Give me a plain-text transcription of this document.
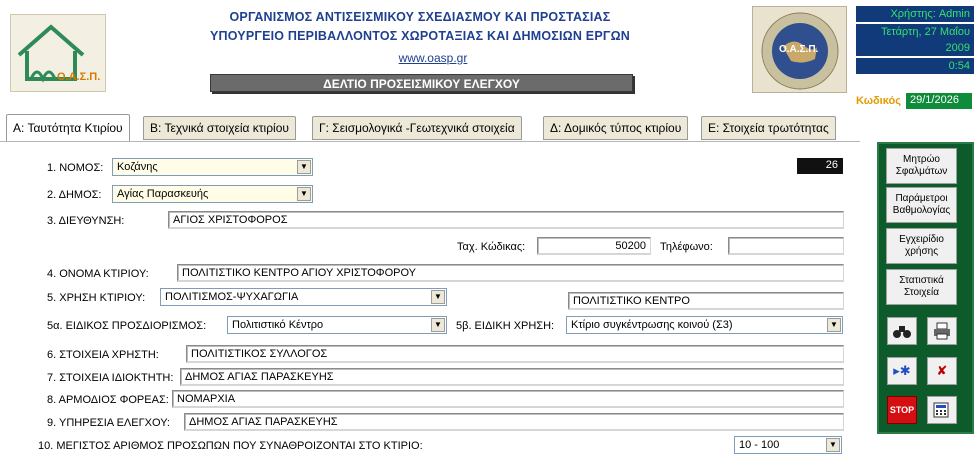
Ο.Α.Σ.Π.
ΟΡΓΑΝΙΣΜΟΣ ΑΝΤΙΣΕΙΣΜΙΚΟΥ ΣΧΕΔΙΑΣΜΟΥ ΚΑΙ ΠΡΟΣΤΑΣΙΑΣ
ΥΠΟΥΡΓΕΙΟ ΠΕΡΙΒΑΛΛΟΝΤΟΣ ΧΩΡΟΤΑΞΙΑΣ ΚΑΙ ΔΗΜΟΣΙΩΝ ΕΡΓΩΝ
www.oasp.gr
ΔΕΛΤΙΟ ΠΡΟΣΕΙΣΜΙΚΟΥ ΕΛΕΓΧΟΥ
Ο.Α.Σ.Π.
Χρήστης: Admin
Τετάρτη, 27 Μαΐου
2009
0:54
Κωδικός 29/1/2026
Α: Ταυτότητα Κτιρίου	Β: Τεχνικά στοιχεία κτιρίου	Γ: Σεισμολογικά -Γεωτεχνικά στοιχεία	Δ: Δομικός τύπος κτιρίου	Ε: Στοιχεία τρωτότητας
1. ΝΟΜΟΣ:	Κοζάνης	▼	26
2. ΔΗΜΟΣ:	Αγίας Παρασκευής	▼
3. ΔΙΕΥΘΥΝΣΗ:	ΑΓΙΟΣ ΧΡΙΣΤΟΦΟΡΟΣ
Ταχ. Κώδικας:	50200	Τηλέφωνο:
4. ΟΝΟΜΑ ΚΤΙΡΙΟΥ:	ΠΟΛΙΤΙΣΤΙΚΟ ΚΕΝΤΡΟ ΑΓΙΟΥ ΧΡΙΣΤΟΦΟΡΟΥ
5. ΧΡΗΣΗ ΚΤΙΡΙΟΥ:	ΠΟΛΙΤΙΣΜΟΣ-ΨΥΧΑΓΩΓΙΑ	▼	ΠΟΛΙΤΙΣΤΙΚΟ ΚΕΝΤΡΟ
5α. ΕΙΔΙΚΟΣ ΠΡΟΣΔΙΟΡΙΣΜΟΣ:	Πολιτιστικό Κέντρο	▼ 5β. ΕΙΔΙΚΗ ΧΡΗΣΗ:	Κτίριο συγκέντρωσης κοινού (Σ3)	▼
6. ΣΤΟΙΧΕΙΑ ΧΡΗΣΤΗ:	ΠΟΛΙΤΙΣΤΙΚΟΣ ΣΥΛΛΟΓΟΣ
7. ΣΤΟΙΧΕΙΑ ΙΔΙΟΚΤΗΤΗ:	ΔΗΜΟΣ ΑΓΙΑΣ ΠΑΡΑΣΚΕΥΗΣ
8. ΑΡΜΟΔΙΟΣ ΦΟΡΕΑΣ: ΝΟΜΑΡΧΙΑ
9. ΥΠΗΡΕΣΙΑ ΕΛΕΓΧΟΥ:	ΔΗΜΟΣ ΑΓΙΑΣ ΠΑΡΑΣΚΕΥΗΣ
10. ΜΕΓΙΣΤΟΣ ΑΡΙΘΜΟΣ ΠΡΟΣΩΠΩΝ ΠΟΥ ΣΥΝΑΘΡΟΙΖΟΝΤΑΙ ΣΤΟ ΚΤΙΡΙΟ:	10 - 100	▼
Μητρώο Σφαλμάτων
Παράμετροι Βαθμολογίας
Εγχειρίδιο χρήσης
Στατιστικά Στοιχεία
▸✱	✘
STOP
